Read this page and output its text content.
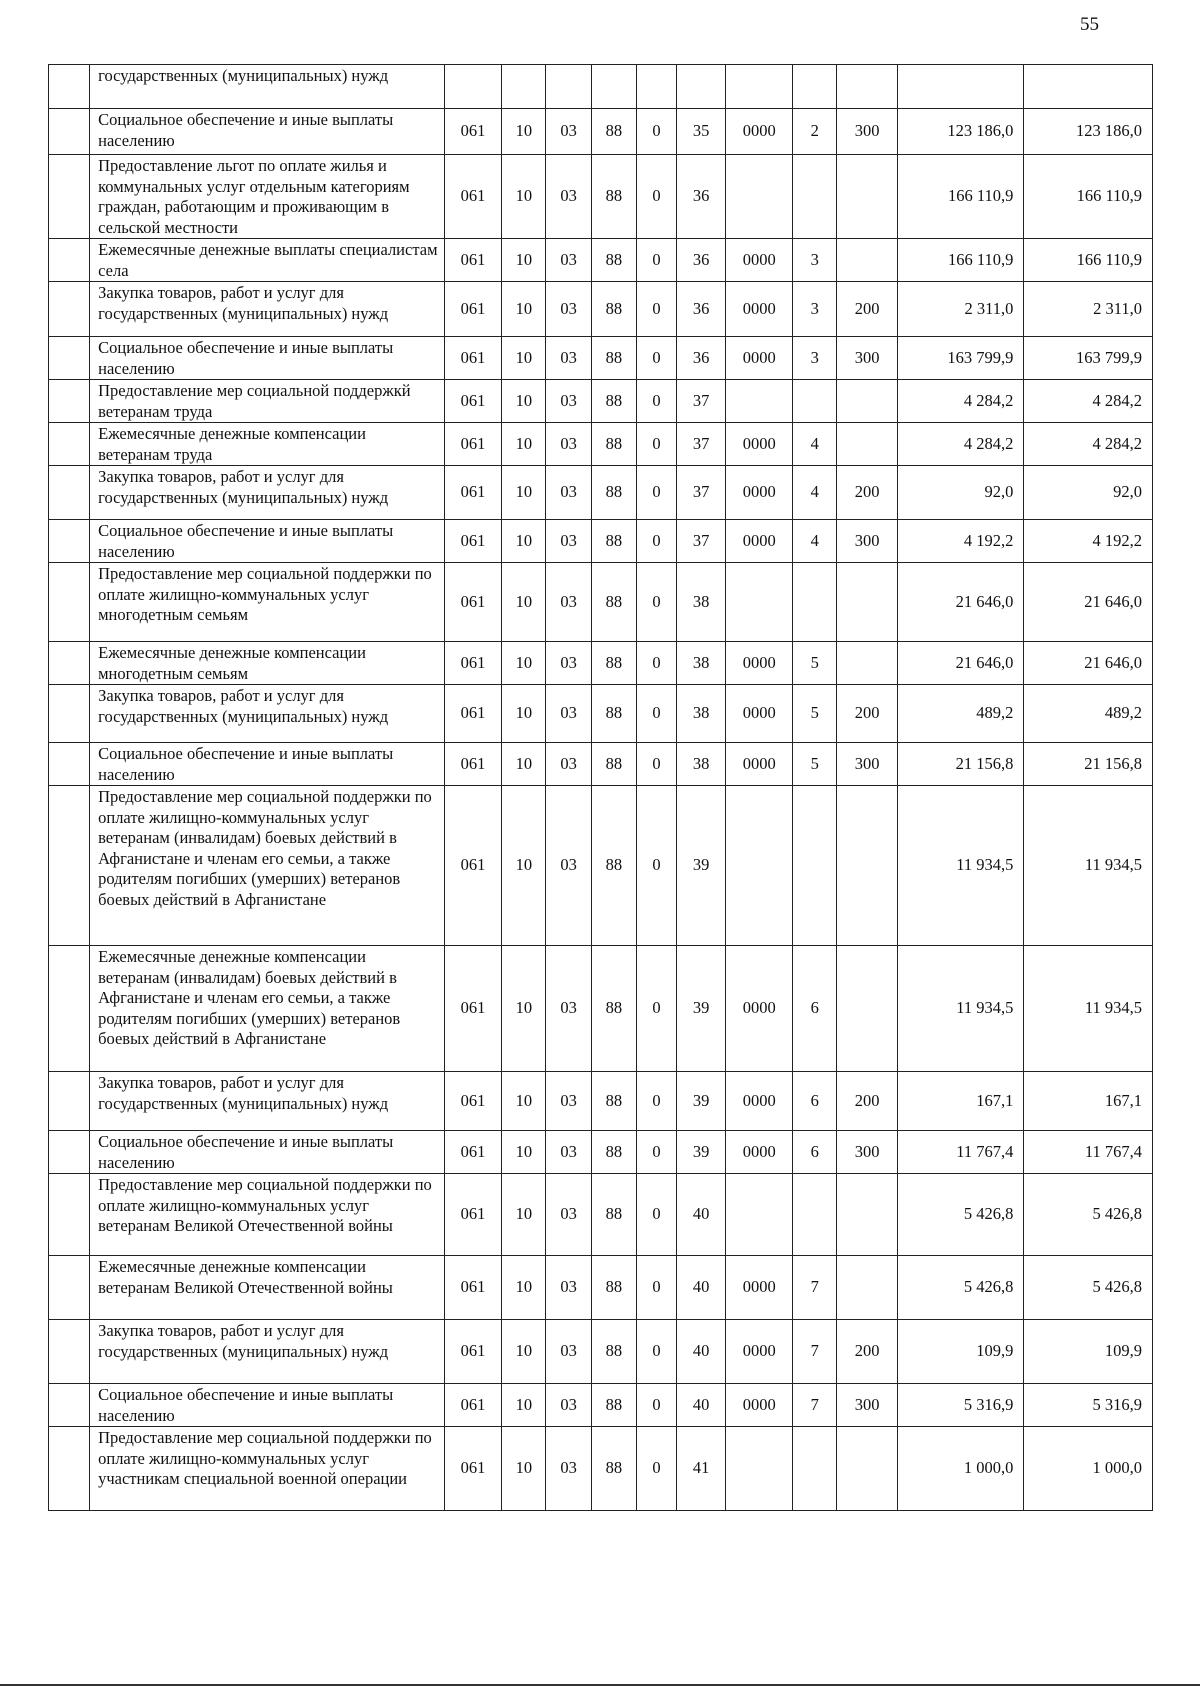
55
	государственных (муниципальных) нужд											
	Социальное обеспечение и иные выплаты населению	061	10	03	88	0	35	0000	2	300	123 186,0	123 186,0
	Предоставление льгот по оплате жилья и коммунальных услуг отдельным категориям граждан, работающим и проживающим в сельской местности	061	10	03	88	0	36				166 110,9	166 110,9
	Ежемесячные денежные выплаты специалистам села	061	10	03	88	0	36	0000	3		166 110,9	166 110,9
	Закупка товаров, работ и услуг для государственных (муниципальных) нужд	061	10	03	88	0	36	0000	3	200	2 311,0	2 311,0
	Социальное обеспечение и иные выплаты населению	061	10	03	88	0	36	0000	3	300	163 799,9	163 799,9
	Предоставление мер социальной поддержкй ветеранам труда	061	10	03	88	0	37				4 284,2	4 284,2
	Ежемесячные денежные компенсации ветеранам труда	061	10	03	88	0	37	0000	4		4 284,2	4 284,2
	Закупка товаров, работ и услуг для государственных (муниципальных) нужд	061	10	03	88	0	37	0000	4	200	92,0	92,0
	Социальное обеспечение и иные выплаты населению	061	10	03	88	0	37	0000	4	300	4 192,2	4 192,2
	Предоставление мер социальной поддержки по оплате жилищно-коммунальных услуг многодетным семьям	061	10	03	88	0	38				21 646,0	21 646,0
	Ежемесячные денежные компенсации многодетным семьям	061	10	03	88	0	38	0000	5		21 646,0	21 646,0
	Закупка товаров, работ и услуг для государственных (муниципальных) нужд	061	10	03	88	0	38	0000	5	200	489,2	489,2
	Социальное обеспечение и иные выплаты населению	061	10	03	88	0	38	0000	5	300	21 156,8	21 156,8
	Предоставление мер социальной поддержки по оплате жилищно-коммунальных услуг ветеранам (инвалидам) боевых действий в Афганистане и членам его семьи, а также родителям погибших (умерших) ветеранов боевых действий в Афганистане	061	10	03	88	0	39				11 934,5	11 934,5
	Ежемесячные денежные компенсации ветеранам (инвалидам) боевых действий в Афганистане и членам его семьи, а также родителям погибших (умерших) ветеранов боевых действий в Афганистане	061	10	03	88	0	39	0000	6		11 934,5	11 934,5
	Закупка товаров, работ и услуг для государственных (муниципальных) нужд	061	10	03	88	0	39	0000	6	200	167,1	167,1
	Социальное обеспечение и иные выплаты населению	061	10	03	88	0	39	0000	6	300	11 767,4	11 767,4
	Предоставление мер социальной поддержки по оплате жилищно-коммунальных услуг ветеранам Великой Отечественной войны	061	10	03	88	0	40				5 426,8	5 426,8
	Ежемесячные денежные компенсации ветеранам Великой Отечественной войны	061	10	03	88	0	40	0000	7		5 426,8	5 426,8
	Закупка товаров, работ и услуг для государственных (муниципальных) нужд	061	10	03	88	0	40	0000	7	200	109,9	109,9
	Социальное обеспечение и иные выплаты населению	061	10	03	88	0	40	0000	7	300	5 316,9	5 316,9
	Предоставление мер социальной поддержки по оплате жилищно-коммунальных услуг участникам специальной военной операции	061	10	03	88	0	41				1 000,0	1 000,0
